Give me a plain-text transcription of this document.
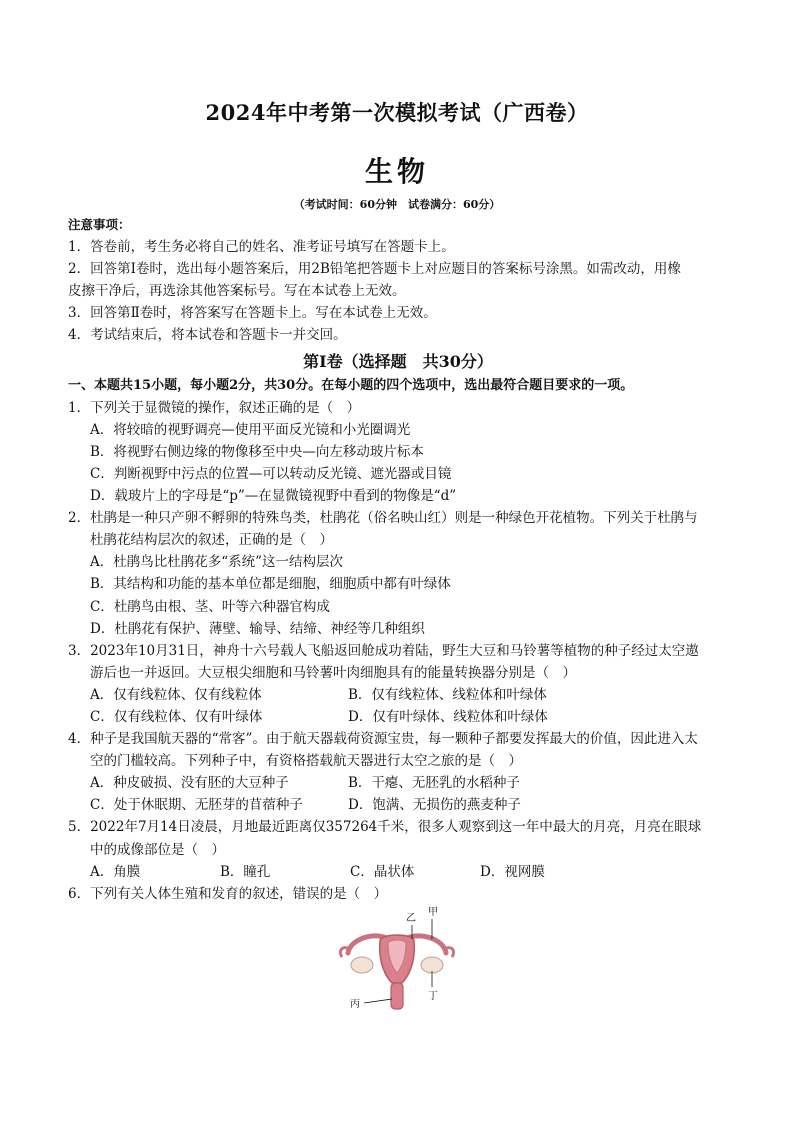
2024年中考第一次模拟考试（广西卷）
生物
（考试时间：60分钟　试卷满分：60分）
注意事项：
1．答卷前，考生务必将自己的姓名、准考证号填写在答题卡上。
2．回答第Ⅰ卷时，选出每小题答案后，用2B铅笔把答题卡上对应题目的答案标号涂黑。如需改动，用橡
皮擦干净后，再选涂其他答案标号。写在本试卷上无效。
3．回答第Ⅱ卷时，将答案写在答题卡上。写在本试卷上无效。
4．考试结束后，将本试卷和答题卡一并交回。
第Ⅰ卷（选择题　共30分）
一、本题共15小题，每小题2分，共30分。在每小题的四个选项中，选出最符合题目要求的一项。
1．下列关于显微镜的操作，叙述正确的是（　）
A．将较暗的视野调亮—使用平面反光镜和小光圈调光
B．将视野右侧边缘的物像移至中央—向左移动玻片标本
C．判断视野中污点的位置—可以转动反光镜、遮光器或目镜
D．载玻片上的字母是“p”—在显微镜视野中看到的物像是“d”
2．杜鹃是一种只产卵不孵卵的特殊鸟类，杜鹃花（俗名映山红）则是一种绿色开花植物。下列关于杜鹃与
杜鹃花结构层次的叙述，正确的是（　）
A．杜鹃鸟比杜鹃花多“系统”这一结构层次
B．其结构和功能的基本单位都是细胞，细胞质中都有叶绿体
C．杜鹃鸟由根、茎、叶等六种器官构成
D．杜鹃花有保护、薄壁、输导、结缔、神经等几种组织
3．2023年10月31日，神舟十六号载人飞船返回舱成功着陆，野生大豆和马铃薯等植物的种子经过太空遨
游后也一并返回。大豆根尖细胞和马铃薯叶肉细胞具有的能量转换器分别是（　）
A．仅有线粒体、仅有线粒体	B．仅有线粒体、线粒体和叶绿体
C．仅有线粒体、仅有叶绿体	D．仅有叶绿体、线粒体和叶绿体
4．种子是我国航天器的“常客”。由于航天器载荷资源宝贵，每一颗种子都要发挥最大的价值，因此进入太
空的门槛较高。下列种子中，有资格搭载航天器进行太空之旅的是（　）
A．种皮破损、没有胚的大豆种子	B．干瘪、无胚乳的水稻种子
C．处于休眠期、无胚芽的苜蓿种子	D．饱满、无损伤的燕麦种子
5．2022年7月14日凌晨，月地最近距离仅357264千米，很多人观察到这一年中最大的月亮，月亮在眼球
中的成像部位是（　）
A．角膜	B．瞳孔	C．晶状体	D．视网膜
6．下列有关人体生殖和发育的叙述，错误的是（　）
乙
甲
丁
丙
